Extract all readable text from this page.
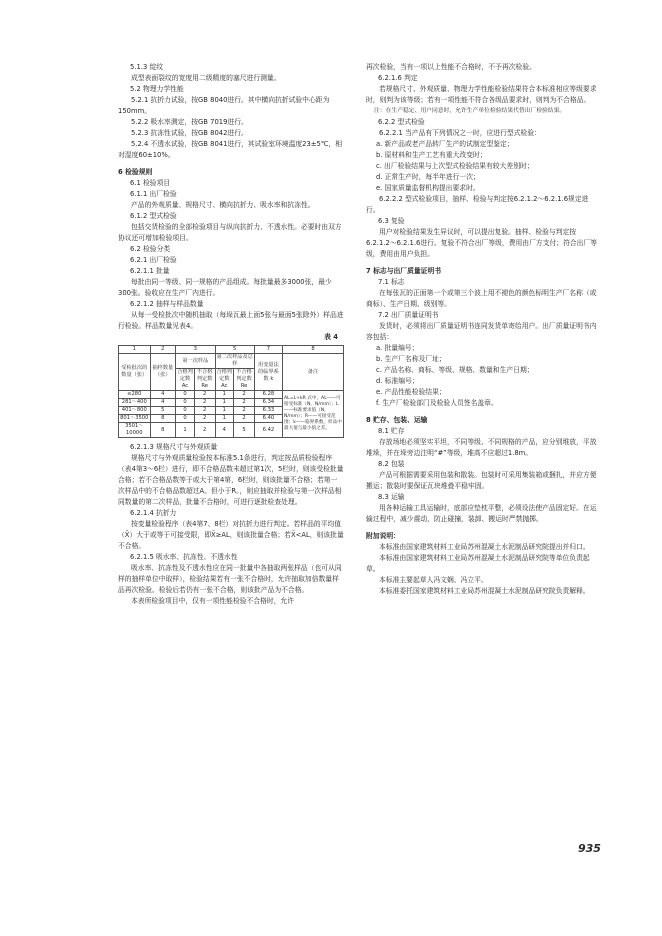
5.1.3 绽纹

成型表面裂纹的宽度用二级精度的塞尺进行测量。

5.2 物理力学性能

5.2.1 抗折力试验，按GB 8040进行。其中横向抗折试验中心距为150mm。

5.2.2 吸水率测定，按GB 7019进行。

5.2.3 抗冻性试验，按GB 8042进行。

5.2.4 不透水试验，按GB 8041进行，其试验室环境温度23±5℃，相对湿度60±10%。

6 检验规则

6.1 检验项目

6.1.1 出厂检验

产品的外观质量、规格尺寸、横向抗折力、吸水率和抗冻性。

6.1.2 型式检验

包括交货检验的全部检验项目与纵向抗折力、不透水性。必要时由双方协议还可增加检验项目。

6.2 检验分类

6.2.1 出厂检验

6.2.1.1 批量

每批由同一等级、同一规格的产品组成。每批量最多3000张，最少300张。验收应在生产厂内进行。

6.2.1.2 抽样与样品数量

从每一受检批次中随机抽取（每垛瓦最上面5张与最面5张除外）样品进行检验。样品数量见表4。

表 4
1	2	3		5		7	8
受检批次的数量（张）	抽样数量（张）	第一次样品		第二次样品及总样		用变量法的临界系数 k	备注
		合格判定数 Ac	不合格判定数 Re	合格判定数 Ac	不合格判定数 Re		
≤280	4	0	2	1	2	6.28	AL=L+kR 式中，AL——可接受标准（N，N/mm）；L——标准要求值（N，N/mm）；R——可接受范围；k——临界系数，样品中最大值与最小值之差。
281～400	4	0	2	1	2	6.34	
401～800	5	0	2	1	2	6.33	
801～3500	8	0	2	1	2	6.40	
3501～10000	8	1	2	4	5	6.42	

6.2.1.3 规格尺寸与外观质量

规格尺寸与外观质量检验按本标准5.1条进行，判定按品质检验程序（表4第3～6栏）进行，即不合格品数未超过第1次，5栏时，则该受检批量合格；若不合格品数等于或大于第4第，6栏时，则该批量不合格；若第一次样品中的不合格品数超过A。但小于R。，则应抽取并检验与第一次样品相同数量的第二次样品，批量不合格时，可进行逐批检查处理。

6.2.1.4 抗折力

按变量检验程序（表4第7、8栏）对抗折力进行判定。若样品的平均值（X̄）大于或等于可接受限，即X̄≥AL，则该批量合格；若X̄<AL，则该批量不合格。

6.2.1.5 吸水率、抗冻性、不透水性

吸水率、抗冻性及不透水性应在同一批量中各抽取两张样品（也可从同样的抽样单位中取样），检验结果若有一张不合格时，允许抽取加倍数量样品再次检验。检验后若仍有一张不合格，则该批产品为不合格。

本表所检验项目中，仅有一项性能检验不合格时，允许

再次检验，当有一项以上性能不合格时，不予再次检验。

6.2.1.6 判定

若规格尺寸、外观质量、物理力学性能检验结果符合本标准相应等级要求时，则判为该等级；若有一项性能不符合各级品要求时，则判为不合格品。

注：在生产稳定、用户同意时，允许生产单位检验结果代替出厂检验结果。

6.2.2 型式检验

6.2.2.1 当产品有下列情况之一时，应进行型式检验：

a. 新产品或老产品转厂生产的试制定型鉴定；

b. 原材料和生产工艺有重大改变时；

c. 出厂检验结果与上次型式检验结果有较大差别时；

d. 正常生产时，每半年进行一次；

e. 国家质量监督机构提出要求时。

6.2.2.2 型式检验项目，抽样、检验与判定按6.2.1.2～6.2.1.6规定进行。

6.3 复验

用户对检验结果发生异议时，可以提出复验。抽样、检验与判定按6.2.1.2～6.2.1.6进行。复验不符合出厂等级，费用由厂方支付；符合出厂等级，费用由用户负担。

7 标志与出厂质量证明书

7.1 标志

在每张瓦的正面第一个或第三个波上用不褪色的颜色标明生产厂名称（或商标）、生产日期、级别等。

7.2 出厂质量证明书

发货时，必须将出厂质量证明书连同发货单寄给用户。出厂质量证明书内容包括：

a. 批量编号；

b. 生产厂名称及厂址；

c. 产品名称、商标、等级、规格、数量和生产日期；

d. 标准编号；

e. 产品性能检验结果；

f. 生产厂检验部门及检验人员签名盖章。

8 贮存、包装、运输

8.1 贮存

存放场地必须坚实平坦，不同等级、不同规格的产品，应分别堆放，平放堆垛，并在垛旁边注明“#”等级，堆高不应超过1.8m。

8.2 包装

产品可根据需要采用包装和散装。包装时可采用集装箱或捆扎，并应方便搬运；散装时要保证瓦块堆叠平稳牢固。

8.3 运输

用各种运输工具运输时，底部应垫枕平整，必须设法使产品固定好。在运输过程中，减少震动，防止碰撞，装卸、搬运时严禁抛掷。

附加说明：

本标准由国家建筑材料工业局苏州混凝土水泥制品研究院提出并归口。

本标准由国家建筑材料工业局苏州混凝土水泥制品研究院等单位负责起草。

本标准主要起草人冯文娴、冯立平。

本标准委托国家建筑材料工业局苏州混凝土水泥制品研究院负责解释。

935
